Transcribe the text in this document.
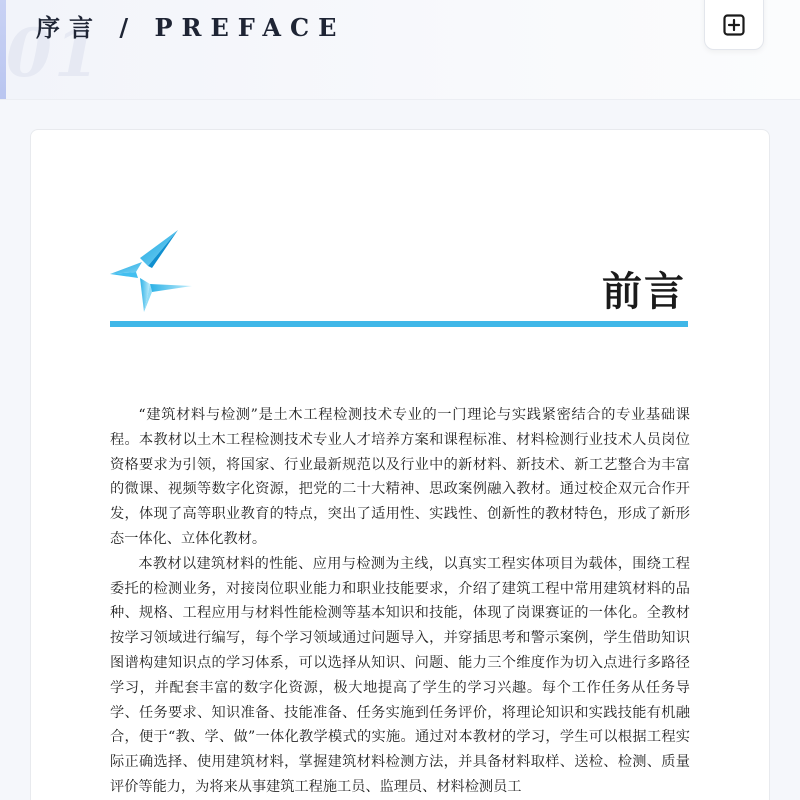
01
序言 / PREFACE
前言

“建筑材料与检测”是土木工程检测技术专业的一门理论与实践紧密结合的专业基础课程。本教材以土木工程检测技术专业人才培养方案和课程标准、材料检测行业技术人员岗位资格要求为引领，将国家、行业最新规范以及行业中的新材料、新技术、新工艺整合为丰富的微课、视频等数字化资源，把党的二十大精神、思政案例融入教材。通过校企双元合作开发，体现了高等职业教育的特点，突出了适用性、实践性、创新性的教材特色，形成了新形态一体化、立体化教材。

本教材以建筑材料的性能、应用与检测为主线，以真实工程实体项目为载体，围绕工程委托的检测业务，对接岗位职业能力和职业技能要求，介绍了建筑工程中常用建筑材料的品种、规格、工程应用与材料性能检测等基本知识和技能，体现了岗课赛证的一体化。全教材按学习领域进行编写，每个学习领域通过问题导入，并穿插思考和警示案例，学生借助知识图谱构建知识点的学习体系，可以选择从知识、问题、能力三个维度作为切入点进行多路径学习，并配套丰富的数字化资源，极大地提高了学生的学习兴趣。每个工作任务从任务导学、任务要求、知识准备、技能准备、任务实施到任务评价，将理论知识和实践技能有机融合，便于“教、学、做”一体化教学模式的实施。通过对本教材的学习，学生可以根据工程实际正确选择、使用建筑材料，掌握建筑材料检测方法，并具备材料取样、送检、检测、质量评价等能力，为将来从事建筑工程施工员、监理员、材料检测员工
